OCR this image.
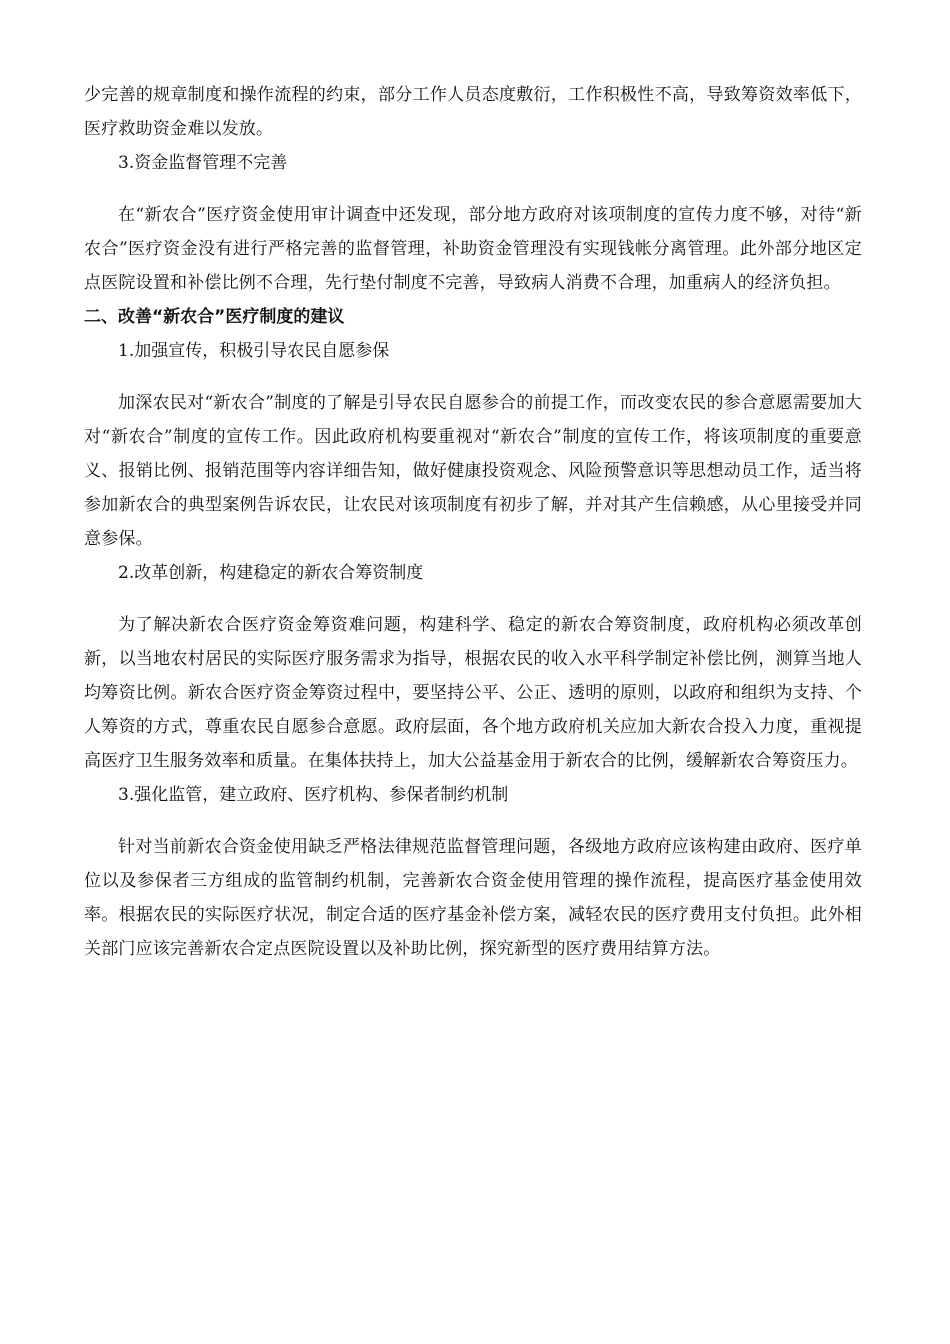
少完善的规章制度和操作流程的约束，部分工作人员态度敷衍，工作积极性不高，导致筹资效率低下，医疗救助资金难以发放。

3.资金监督管理不完善

在“新农合”医疗资金使用审计调查中还发现，部分地方政府对该项制度的宣传力度不够，对待“新农合”医疗资金没有进行严格完善的监督管理，补助资金管理没有实现钱帐分离管理。此外部分地区定点医院设置和补偿比例不合理，先行垫付制度不完善，导致病人消费不合理，加重病人的经济负担。

二、改善“新农合”医疗制度的建议

1.加强宣传，积极引导农民自愿参保

加深农民对“新农合”制度的了解是引导农民自愿参合的前提工作，而改变农民的参合意愿需要加大对“新农合”制度的宣传工作。因此政府机构要重视对“新农合”制度的宣传工作，将该项制度的重要意义、报销比例、报销范围等内容详细告知，做好健康投资观念、风险预警意识等思想动员工作，适当将参加新农合的典型案例告诉农民，让农民对该项制度有初步了解，并对其产生信赖感，从心里接受并同意参保。

2.改革创新，构建稳定的新农合筹资制度

为了解决新农合医疗资金筹资难问题，构建科学、稳定的新农合筹资制度，政府机构必须改革创新，以当地农村居民的实际医疗服务需求为指导，根据农民的收入水平科学制定补偿比例，测算当地人均筹资比例。新农合医疗资金筹资过程中，要坚持公平、公正、透明的原则，以政府和组织为支持、个人筹资的方式，尊重农民自愿参合意愿。政府层面，各个地方政府机关应加大新农合投入力度，重视提高医疗卫生服务效率和质量。在集体扶持上，加大公益基金用于新农合的比例，缓解新农合筹资压力。

3.强化监管，建立政府、医疗机构、参保者制约机制

针对当前新农合资金使用缺乏严格法律规范监督管理问题，各级地方政府应该构建由政府、医疗单位以及参保者三方组成的监管制约机制，完善新农合资金使用管理的操作流程，提高医疗基金使用效率。根据农民的实际医疗状况，制定合适的医疗基金补偿方案，减轻农民的医疗费用支付负担。此外相关部门应该完善新农合定点医院设置以及补助比例，探究新型的医疗费用结算方法。
